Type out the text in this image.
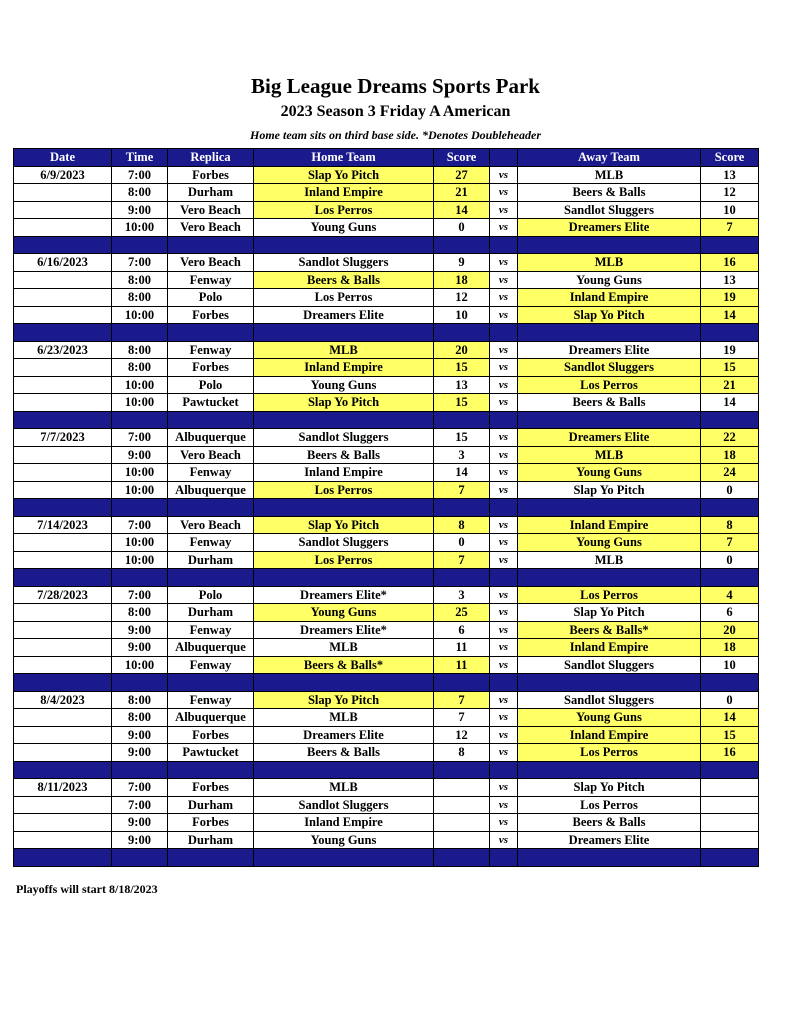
Big League Dreams Sports Park
2023 Season 3 Friday A American
Home team sits on third base side. *Denotes Doubleheader
Date	Time	Replica	Home Team	Score		Away Team	Score
6/9/2023	7:00	Forbes	Slap Yo Pitch	27	vs	MLB	13
	8:00	Durham	Inland Empire	21	vs	Beers & Balls	12
	9:00	Vero Beach	Los Perros	14	vs	Sandlot Sluggers	10
	10:00	Vero Beach	Young Guns	0	vs	Dreamers Elite	7

6/16/2023	7:00	Vero Beach	Sandlot Sluggers	9	vs	MLB	16
	8:00	Fenway	Beers & Balls	18	vs	Young Guns	13
	8:00	Polo	Los Perros	12	vs	Inland Empire	19
	10:00	Forbes	Dreamers Elite	10	vs	Slap Yo Pitch	14

6/23/2023	8:00	Fenway	MLB	20	vs	Dreamers Elite	19
	8:00	Forbes	Inland Empire	15	vs	Sandlot Sluggers	15
	10:00	Polo	Young Guns	13	vs	Los Perros	21
	10:00	Pawtucket	Slap Yo Pitch	15	vs	Beers & Balls	14

7/7/2023	7:00	Albuquerque	Sandlot Sluggers	15	vs	Dreamers Elite	22
	9:00	Vero Beach	Beers & Balls	3	vs	MLB	18
	10:00	Fenway	Inland Empire	14	vs	Young Guns	24
	10:00	Albuquerque	Los Perros	7	vs	Slap Yo Pitch	0

7/14/2023	7:00	Vero Beach	Slap Yo Pitch	8	vs	Inland Empire	8
	10:00	Fenway	Sandlot Sluggers	0	vs	Young Guns	7
	10:00	Durham	Los Perros	7	vs	MLB	0

7/28/2023	7:00	Polo	Dreamers Elite*	3	vs	Los Perros	4
	8:00	Durham	Young Guns	25	vs	Slap Yo Pitch	6
	9:00	Fenway	Dreamers Elite*	6	vs	Beers & Balls*	20
	9:00	Albuquerque	MLB	11	vs	Inland Empire	18
	10:00	Fenway	Beers & Balls*	11	vs	Sandlot Sluggers	10

8/4/2023	8:00	Fenway	Slap Yo Pitch	7	vs	Sandlot Sluggers	0
	8:00	Albuquerque	MLB	7	vs	Young Guns	14
	9:00	Forbes	Dreamers Elite	12	vs	Inland Empire	15
	9:00	Pawtucket	Beers & Balls	8	vs	Los Perros	16

8/11/2023	7:00	Forbes	MLB		vs	Slap Yo Pitch	
	7:00	Durham	Sandlot Sluggers		vs	Los Perros	
	9:00	Forbes	Inland Empire		vs	Beers & Balls	
	9:00	Durham	Young Guns		vs	Dreamers Elite	

Playoffs will start 8/18/2023
